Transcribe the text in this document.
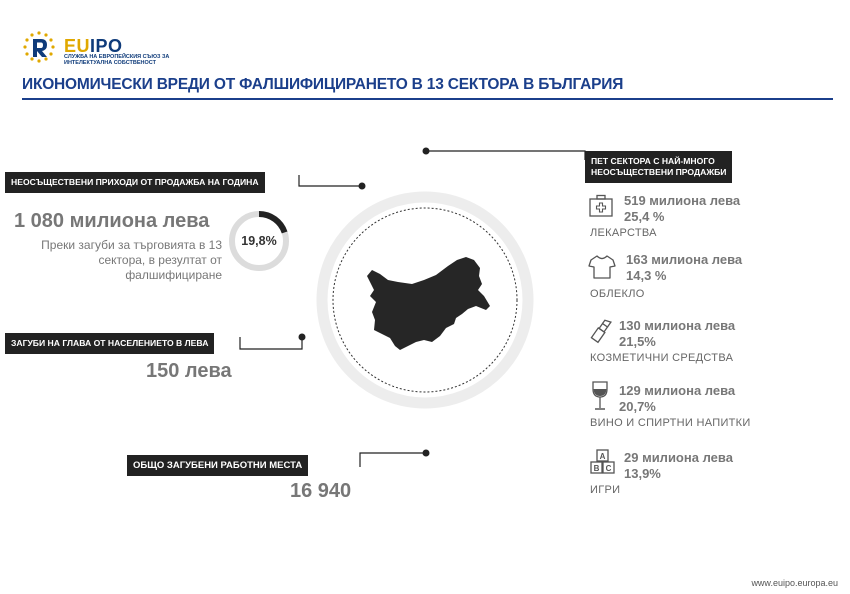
EUIPO
СЛУЖБА НА ЕВРОПЕЙСКИЯ СЪЮЗ ЗА ИНТЕЛЕКТУАЛНА СОБСТВЕНОСТ
ИКОНОМИЧЕСКИ ВРЕДИ ОТ ФАЛШИФИЦИРАНЕТО В 13 СЕКТОРА В БЪЛГАРИЯ
НЕОСЪЩЕСТВЕНИ ПРИХОДИ ОТ ПРОДАЖБА НА ГОДИНА
1 080 милиона лева
Преки загуби за търговията в 13 сектора, в резултат от фалшифициране
19,8%
ЗАГУБИ НА ГЛАВА ОТ НАСЕЛЕНИЕТО В ЛЕВА
150 лева
ОБЩО ЗАГУБЕНИ РАБОТНИ МЕСТА
16 940
ПЕТ СЕКТОРА С НАЙ-МНОГО
НЕОСЪЩЕСТВЕНИ ПРОДАЖБИ
519 милиона лева
25,4 %
ЛЕКАРСТВА
163 милиона лева
14,3 %
ОБЛЕКЛО
130 милиона лева
21,5%
КОЗМЕТИЧНИ СРЕДСТВА
129 милиона лева
20,7%
ВИНО И СПИРТНИ НАПИТКИ
A
B C
29 милиона лева
13,9%
ИГРИ
www.euipo.europa.eu
